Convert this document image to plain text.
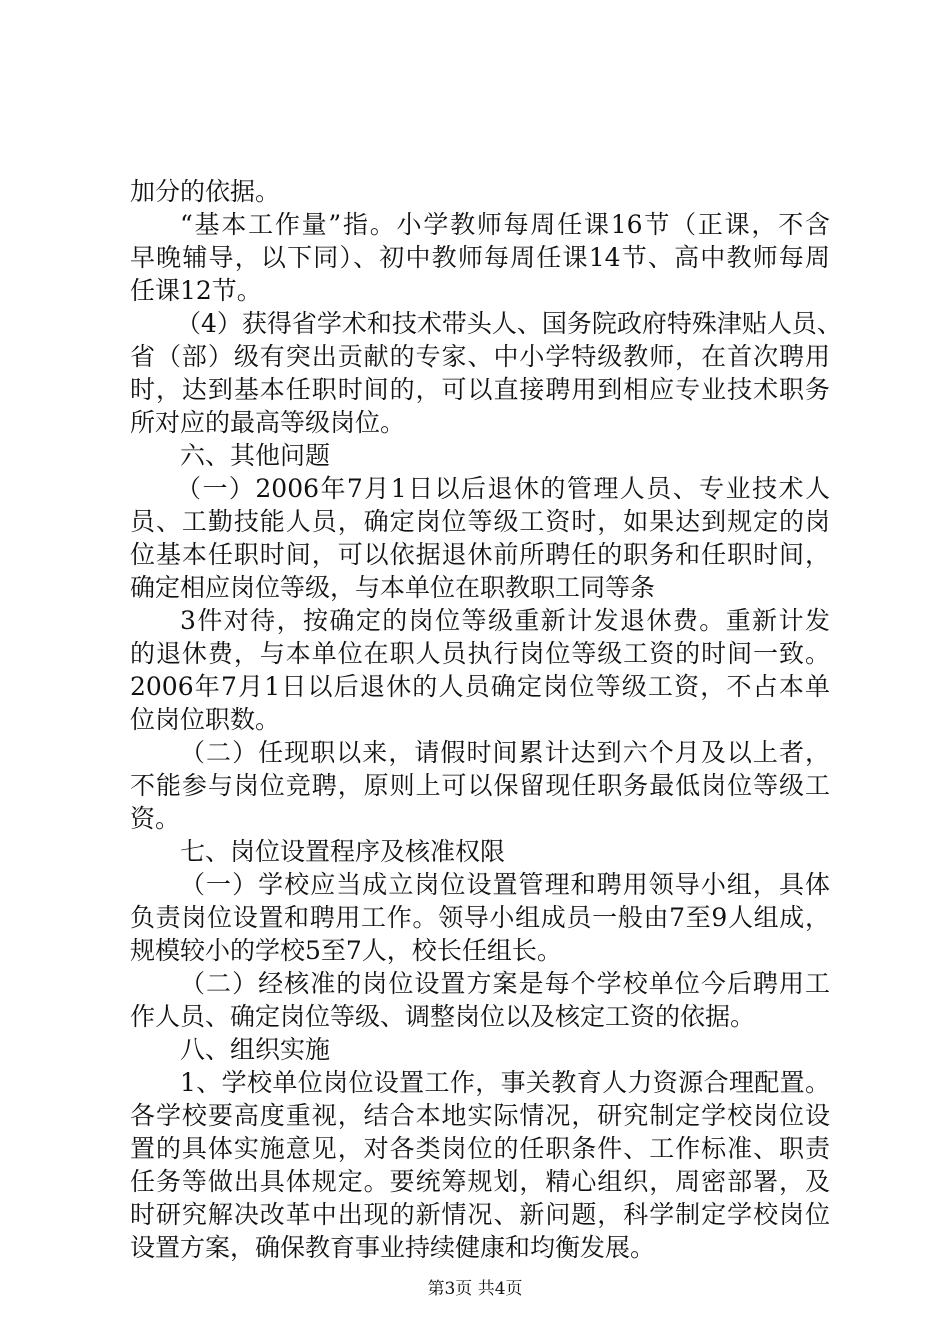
加分的依据。
“基本工作量”指。小学教师每周任课16节（正课，不含
早晚辅导，以下同）、初中教师每周任课14节、高中教师每周
任课12节。
（4）获得省学术和技术带头人、国务院政府特殊津贴人员、
省（部）级有突出贡献的专家、中小学特级教师，在首次聘用
时，达到基本任职时间的，可以直接聘用到相应专业技术职务
所对应的最高等级岗位。
六、其他问题
（一）2006年7月1日以后退休的管理人员、专业技术人
员、工勤技能人员，确定岗位等级工资时，如果达到规定的岗
位基本任职时间，可以依据退休前所聘任的职务和任职时间，
确定相应岗位等级，与本单位在职教职工同等条
3件对待，按确定的岗位等级重新计发退休费。重新计发
的退休费，与本单位在职人员执行岗位等级工资的时间一致。
2006年7月1日以后退休的人员确定岗位等级工资，不占本单
位岗位职数。
（二）任现职以来，请假时间累计达到六个月及以上者，
不能参与岗位竞聘，原则上可以保留现任职务最低岗位等级工
资。
七、岗位设置程序及核准权限
（一）学校应当成立岗位设置管理和聘用领导小组，具体
负责岗位设置和聘用工作。领导小组成员一般由7至9人组成，
规模较小的学校5至7人，校长任组长。
（二）经核准的岗位设置方案是每个学校单位今后聘用工
作人员、确定岗位等级、调整岗位以及核定工资的依据。
八、组织实施
1、学校单位岗位设置工作，事关教育人力资源合理配置。
各学校要高度重视，结合本地实际情况，研究制定学校岗位设
置的具体实施意见，对各类岗位的任职条件、工作标准、职责
任务等做出具体规定。要统筹规划，精心组织，周密部署，及
时研究解决改革中出现的新情况、新问题，科学制定学校岗位
设置方案，确保教育事业持续健康和均衡发展。
第3页 共4页
